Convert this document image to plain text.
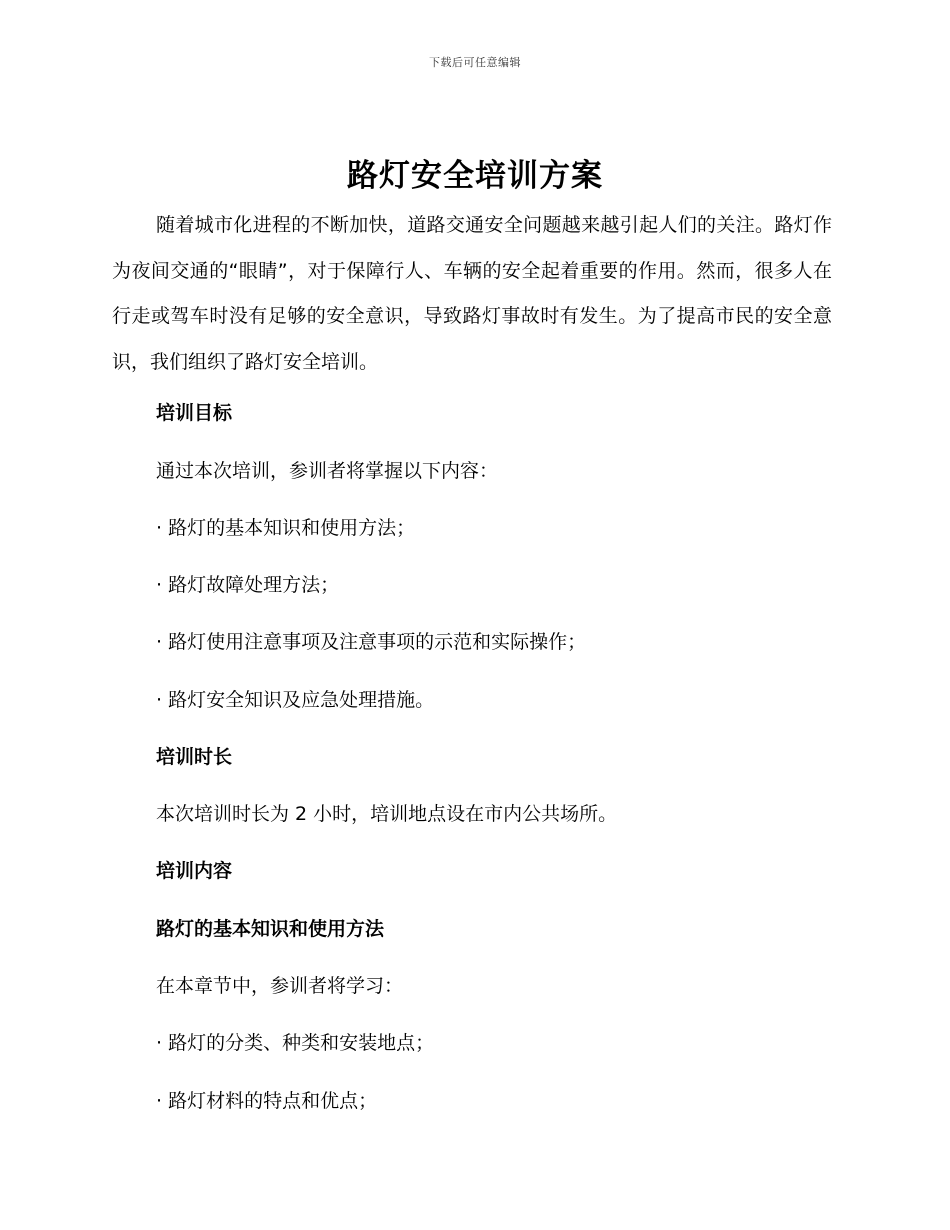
下载后可任意编辑
路灯安全培训方案

随着城市化进程的不断加快，道路交通安全问题越来越引起人们的关注。路灯作为夜间交通的“眼睛”，对于保障行人、车辆的安全起着重要的作用。然而，很多人在行走或驾车时没有足够的安全意识，导致路灯事故时有发生。为了提高市民的安全意识，我们组织了路灯安全培训。

培训目标

通过本次培训，参训者将掌握以下内容：

· 路灯的基本知识和使用方法；

· 路灯故障处理方法；

· 路灯使用注意事项及注意事项的示范和实际操作；

· 路灯安全知识及应急处理措施。

培训时长

本次培训时长为 2 小时，培训地点设在市内公共场所。

培训内容

路灯的基本知识和使用方法

在本章节中，参训者将学习：

· 路灯的分类、种类和安装地点；

· 路灯材料的特点和优点；
